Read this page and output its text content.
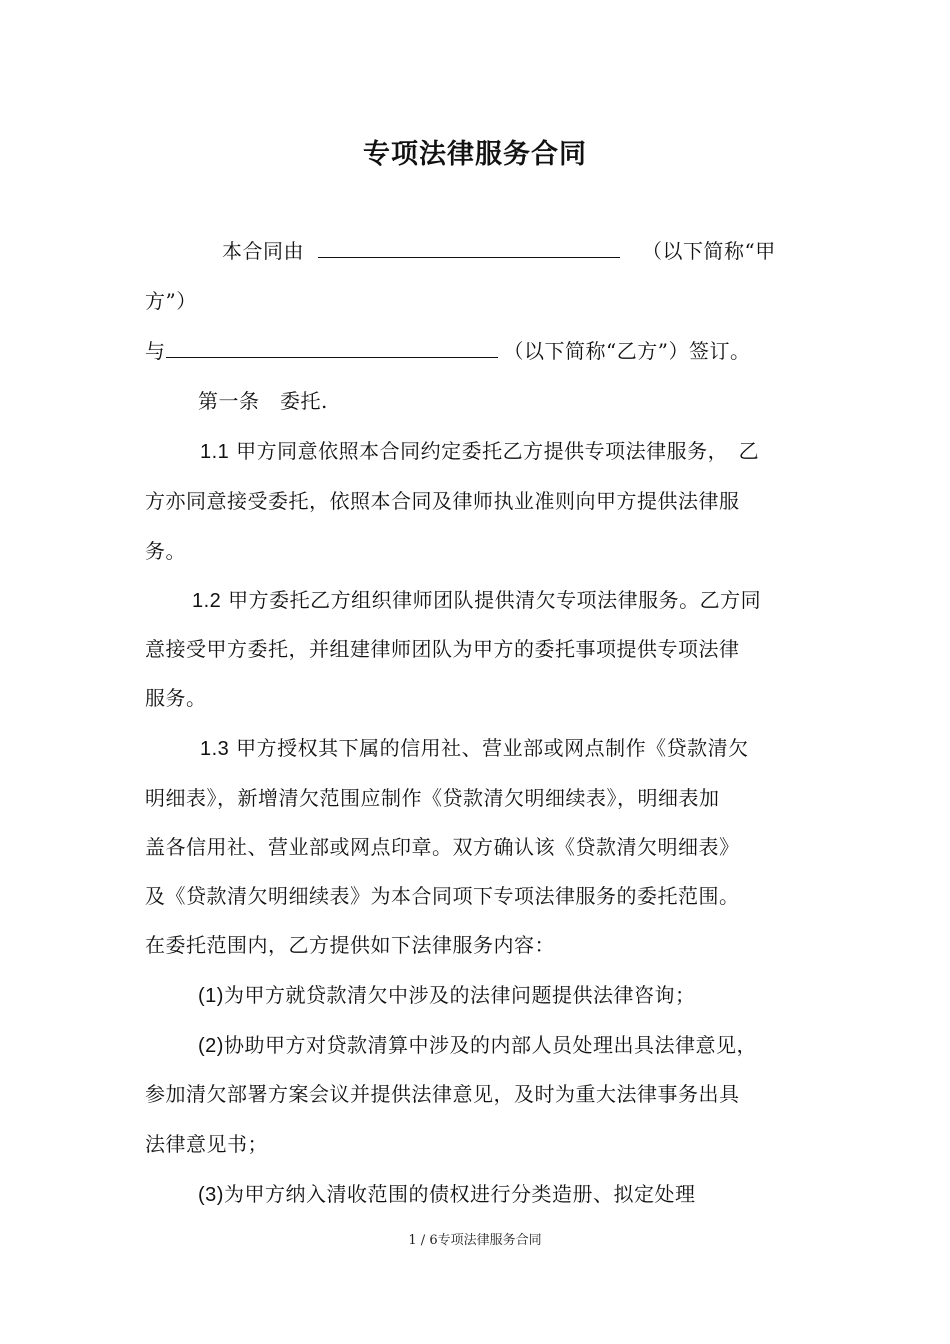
专项法律服务合同
本合同由	（以下简称“甲
方”）
与	（以下简称“乙方”）签订。
第一条　委托.
1.1 甲方同意依照本合同约定委托乙方提供专项法律服务，　乙
方亦同意接受委托，依照本合同及律师执业准则向甲方提供法律服
务。
1.2 甲方委托乙方组织律师团队提供清欠专项法律服务。乙方同
意接受甲方委托，并组建律师团队为甲方的委托事项提供专项法律
服务。
1.3 甲方授权其下属的信用社、营业部或网点制作《贷款清欠
明细表》，新增清欠范围应制作《贷款清欠明细续表》，明细表加
盖各信用社、营业部或网点印章。双方确认该《贷款清欠明细表》
及《贷款清欠明细续表》为本合同项下专项法律服务的委托范围。
在委托范围内，乙方提供如下法律服务内容：
(1)为甲方就贷款清欠中涉及的法律问题提供法律咨询；
(2)协助甲方对贷款清算中涉及的内部人员处理出具法律意见，
参加清欠部署方案会议并提供法律意见，及时为重大法律事务出具
法律意见书；
(3)为甲方纳入清收范围的债权进行分类造册、拟定处理
1 / 6专项法律服务合同
